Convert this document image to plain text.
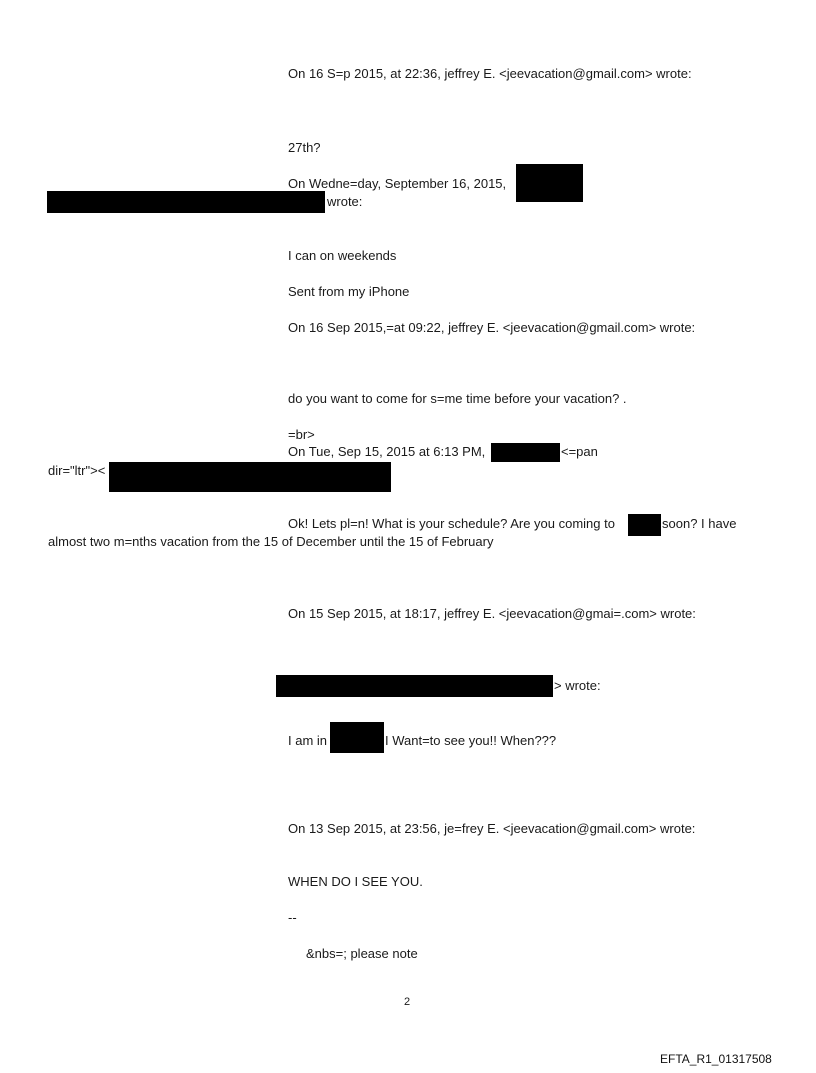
On 16 S=p 2015, at 22:36, jeffrey E. <jeevacation@gmail.com> wrote:
27th?
On Wedne=day, September 16, 2015,
wrote:
I can on weekends
Sent from my iPhone
On 16 Sep 2015,=at 09:22, jeffrey E. <jeevacation@gmail.com> wrote:
do you want to come for s=me time before your vacation? .
=br>
On Tue, Sep 15, 2015 at 6:13 PM,	<=pan
dir="ltr"><
Ok! Lets pl=n! What is your schedule? Are you coming to	soon? I have
almost two m=nths vacation from the 15 of December until the 15 of February
On 15 Sep 2015, at 18:17, jeffrey E. <jeevacation@gmai=.com> wrote:
> wrote:
I am in	I Want=to see you!! When???
On 13 Sep 2015, at 23:56, je=frey E. <jeevacation@gmail.com> wrote:
WHEN DO I SEE YOU.
--
&nbs=; please note
2
EFTA_R1_01317508
